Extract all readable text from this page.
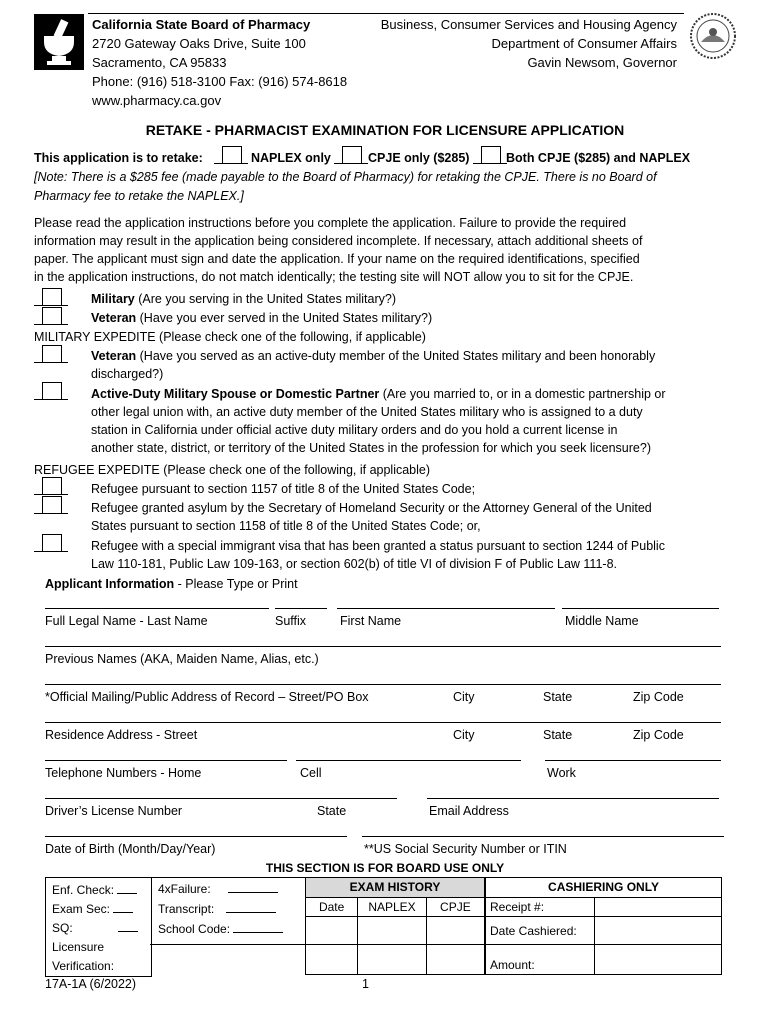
California State Board of Pharmacy
2720 Gateway Oaks Drive, Suite 100
Sacramento, CA 95833
Phone: (916) 518-3100 Fax: (916) 574-8618
www.pharmacy.ca.gov
Business, Consumer Services and Housing Agency
Department of Consumer Affairs
Gavin Newsom, Governor
RETAKE - PHARMACIST EXAMINATION FOR LICENSURE APPLICATION
This application is to retake:	NAPLEX only	CPJE only ($285)	Both CPJE ($285) and NAPLEX
[Note: There is a $285 fee (made payable to the Board of Pharmacy) for retaking the CPJE. There is no Board of
Pharmacy fee to retake the NAPLEX.]
Please read the application instructions before you complete the application. Failure to provide the required
information may result in the application being considered incomplete. If necessary, attach additional sheets of
paper. The applicant must sign and date the application. If your name on the required identifications, specified
in the application instructions, do not match identically; the testing site will NOT allow you to sit for the CPJE.
Military (Are you serving in the United States military?)
Veteran (Have you ever served in the United States military?)
MILITARY EXPEDITE (Please check one of the following, if applicable)
Veteran (Have you served as an active-duty member of the United States military and been honorably
discharged?)
Active-Duty Military Spouse or Domestic Partner (Are you married to, or in a domestic partnership or
other legal union with, an active duty member of the United States military who is assigned to a duty
station in California under official active duty military orders and do you hold a current license in
another state, district, or territory of the United States in the profession for which you seek licensure?)
REFUGEE EXPEDITE (Please check one of the following, if applicable)
Refugee pursuant to section 1157 of title 8 of the United States Code;
Refugee granted asylum by the Secretary of Homeland Security or the Attorney General of the United
States pursuant to section 1158 of title 8 of the United States Code; or,
Refugee with a special immigrant visa that has been granted a status pursuant to section 1244 of Public
Law 110-181, Public Law 109-163, or section 602(b) of title VI of division F of Public Law 111-8.
Applicant Information - Please Type or Print
Full Legal Name - Last Name	Suffix	First Name	Middle Name
Previous Names (AKA, Maiden Name, Alias, etc.)
*Official Mailing/Public Address of Record – Street/PO Box	City	State	Zip Code
Residence Address - Street	City	State	Zip Code
Telephone Numbers - Home	Cell	Work
Driver’s License Number	State	Email Address
Date of Birth (Month/Day/Year)	**US Social Security Number or ITIN
THIS SECTION IS FOR BOARD USE ONLY
Enf. Check:
Exam Sec:
SQ:
Licensure
Verification:
4xFailure:
Transcript:
School Code:
EXAM HISTORY		
Date	NAPLEX	CPJE

CASHIERING ONLY	
Receipt #:	
Date Cashiered:	
Amount:	
17A-1A (6/2022)	1
